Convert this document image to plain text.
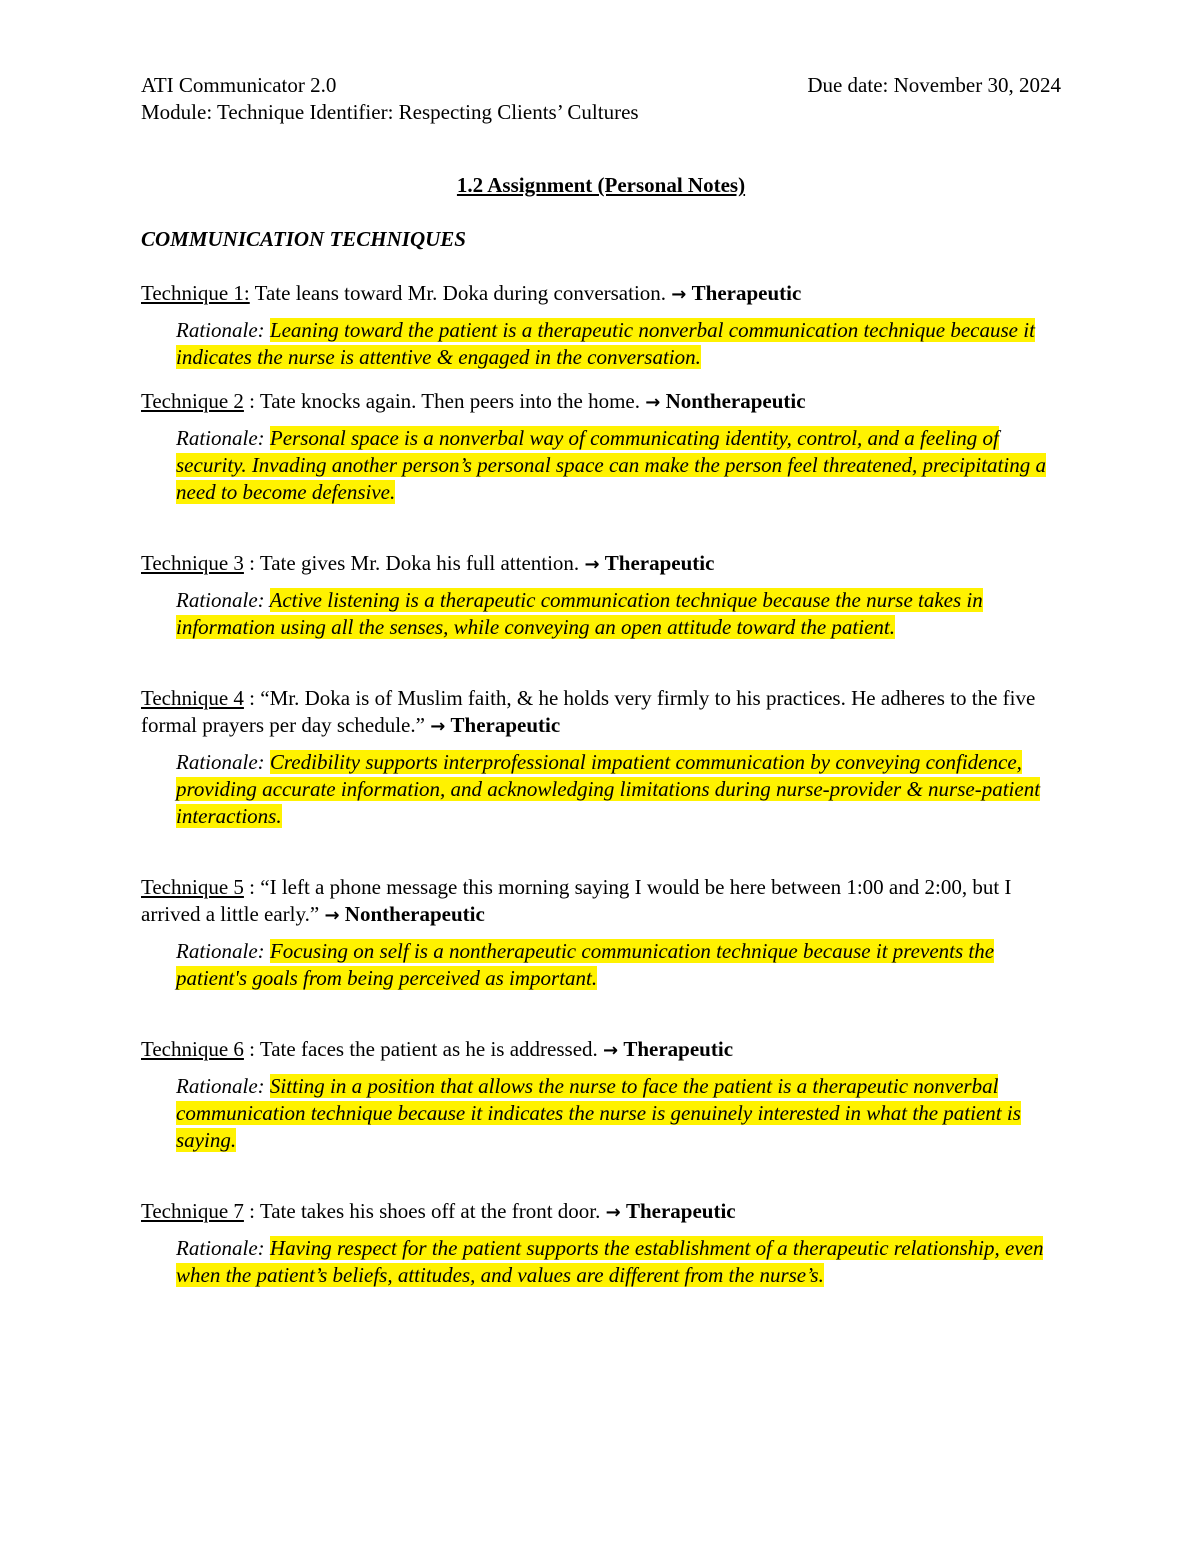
ATI Communicator 2.0	Due date: November 30, 2024

Module: Technique Identifier: Respecting Clients’ Cultures

1.2 Assignment (Personal Notes)

COMMUNICATION TECHNIQUES

Technique 1: Tate leans toward Mr. Doka during conversation. → Therapeutic

Rationale: Leaning toward the patient is a therapeutic nonverbal communication technique because it indicates the nurse is attentive & engaged in the conversation.

Technique 2 : Tate knocks again. Then peers into the home. → Nontherapeutic

Rationale: Personal space is a nonverbal way of communicating identity, control, and a feeling of security. Invading another person’s personal space can make the person feel threatened, precipitating a need to become defensive.

Technique 3 : Tate gives Mr. Doka his full attention. → Therapeutic

Rationale: Active listening is a therapeutic communication technique because the nurse takes in information using all the senses, while conveying an open attitude toward the patient.

Technique 4 : “Mr. Doka is of Muslim faith, & he holds very firmly to his practices. He adheres to the five formal prayers per day schedule.” → Therapeutic

Rationale: Credibility supports interprofessional impatient communication by conveying confidence, providing accurate information, and acknowledging limitations during nurse-provider & nurse-patient interactions.

Technique 5 : “I left a phone message this morning saying I would be here between 1:00 and 2:00, but I arrived a little early.” → Nontherapeutic

Rationale: Focusing on self is a nontherapeutic communication technique because it prevents the patient's goals from being perceived as important.

Technique 6 : Tate faces the patient as he is addressed. → Therapeutic

Rationale: Sitting in a position that allows the nurse to face the patient is a therapeutic nonverbal communication technique because it indicates the nurse is genuinely interested in what the patient is saying.

Technique 7 : Tate takes his shoes off at the front door. → Therapeutic

Rationale: Having respect for the patient supports the establishment of a therapeutic relationship, even when the patient’s beliefs, attitudes, and values are different from the nurse’s.
